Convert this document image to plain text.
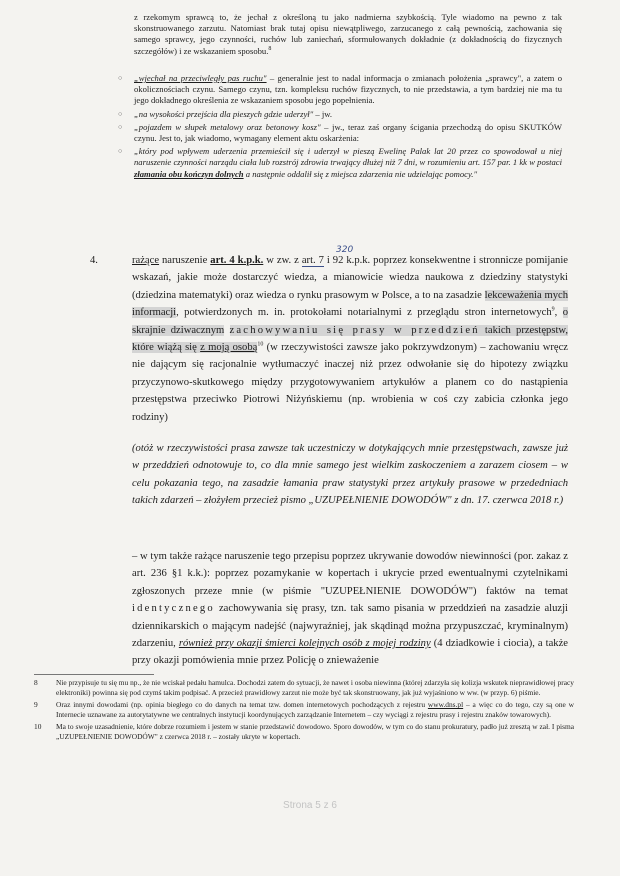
z rzekomym sprawcą to, że jechał z określoną tu jako nadmierna szybkością. Tyle wiadomo na pewno z tak skonstruowanego zarzutu. Natomiast brak tutaj opisu niewątpliwego, zarzucanego z całą pewnością, zachowania się samego sprawcy, jego czynności, ruchów lub zaniechań, sformułowanych dokładnie (z dokładnością do fizycznych szczegółów) i ze wskazaniem sposobu.$^8$

○ „wjechał na przeciwległy pas ruchu" – generalnie jest to nadal informacja o zmianach położenia „sprawcy", a zatem o okolicznościach czynu. Samego czynu, tzn. kompleksu ruchów fizycznych, to nie przedstawia, a tym bardziej nie ma tu jego dokładnego określenia ze wskazaniem sposobu jego popełnienia.
○ „na wysokości przejścia dla pieszych gdzie uderzył" – jw.
○ „pojazdem w słupek metalowy oraz betonowy kosz" – jw., teraz zaś organy ścigania przechodzą do opisu SKUTKÓW czynu. Jest to, jak wiadomo, wymagany element aktu oskarżenia:
○ „który pod wpływem uderzenia przemieścił się i uderzył w pieszą Ewelinę Palak lat 20 przez co spowodował u niej naruszenie czynności narządu ciała lub rozstrój zdrowia trwający dłużej niż 7 dni, w rozumieniu art. 157 par. 1 kk w postaci złamania obu kończyn dolnych a następnie oddalił się z miejsca zdarzenia nie udzielając pomocy."
4.
320
rażące naruszenie art. 4 k.p.k. w zw. z art. 7 i 92 k.p.k. poprzez konsekwentne i stronnicze pomijanie wskazań, jakie może dostarczyć wiedza, a mianowicie wiedza naukowa z dziedziny statystyki (dziedzina matematyki) oraz wiedza o rynku prasowym w Polsce, a to na zasadzie lekceważenia mych informacji, potwierdzonych m. in. protokołami notarialnymi z przeglądu stron internetowych$^9$, o skrajnie dziwacznym zachowywaniu się prasy w przeddzień takich przestępstw, które wiążą się z moją osobą$^{10}$ (w rzeczywistości zawsze jako pokrzywdzonym) – zachowaniu wręcz nie dającym się racjonalnie wytłumaczyć inaczej niż przez odwołanie się do hipotezy związku przyczynowo-skutkowego między przygotowywaniem artykułów a planem co do nastąpienia przestępstwa przeciwko Piotrowi Niżyńskiemu (np. wrobienia w coś czy zabicia członka jego rodziny)
(otóż w rzeczywistości prasa zawsze tak uczestniczy w dotykających mnie przestępstwach, zawsze już w przeddzień odnotowuje to, co dla mnie samego jest wielkim zaskoczeniem a zarazem ciosem – w celu pokazania tego, na zasadzie łamania praw statystyki przez artykuły prasowe w przededniach takich zdarzeń – złożyłem przecież pismo „UZUPEŁNIENIE DOWODÓW" z dn. 17. czerwca 2018 r.)
– w tym także rażące naruszenie tego przepisu poprzez ukrywanie dowodów niewinności (por. zakaz z art. 236 §1 k.k.): poprzez pozamykanie w kopertach i ukrycie przed ewentualnymi czytelnikami zgłoszonych przeze mnie (w piśmie "UZUPEŁNIENIE DOWODÓW") faktów na temat identycznego zachowywania się prasy, tzn. tak samo pisania w przeddzień na zasadzie aluzji dziennikarskich o mającym nadejść (najwyraźniej, jak skądinąd można przypuszczać, kryminalnym) zdarzeniu, również przy okazji śmierci kolejnych osób z mojej rodziny (4 dziadkowie i ciocia), a także przy okazji pomówienia mnie przez Policję o znieważenie
8 Nie przypisuje tu się mu np., że nie wciskał pedału hamulca. Dochodzi zatem do sytuacji, że nawet i osoba niewinna (której zdarzyła się kolizja wskutek nieprawidłowej pracy elektroniki) powinna się pod czymś takim podpisać. A przecież prawidłowy zarzut nie może być tak skonstruowany, jak już wyjaśniono w ww. (w przyp. 6) piśmie.
9 Oraz innymi dowodami (np. opinia biegłego co do danych na temat tzw. domen internetowych pochodzących z rejestru www.dns.pl – a więc co do tego, czy są one w Internecie uznawane za autorytatywne we centralnych instytucji koordynujących zarządzanie Internetem – czy wyciągi z rejestru prasy i rejestru znaków towarowych).
10 Ma to swoje uzasadnienie, które dobrze rozumiem i jestem w stanie przedstawić dowodowo. Sporo dowodów, w tym co do stanu prokuratury, padło już zresztą w zał. I pisma „UZUPEŁNIENIE DOWODÓW" z czerwca 2018 r. – zostały ukryte w kopertach.
Strona 5 z 6
